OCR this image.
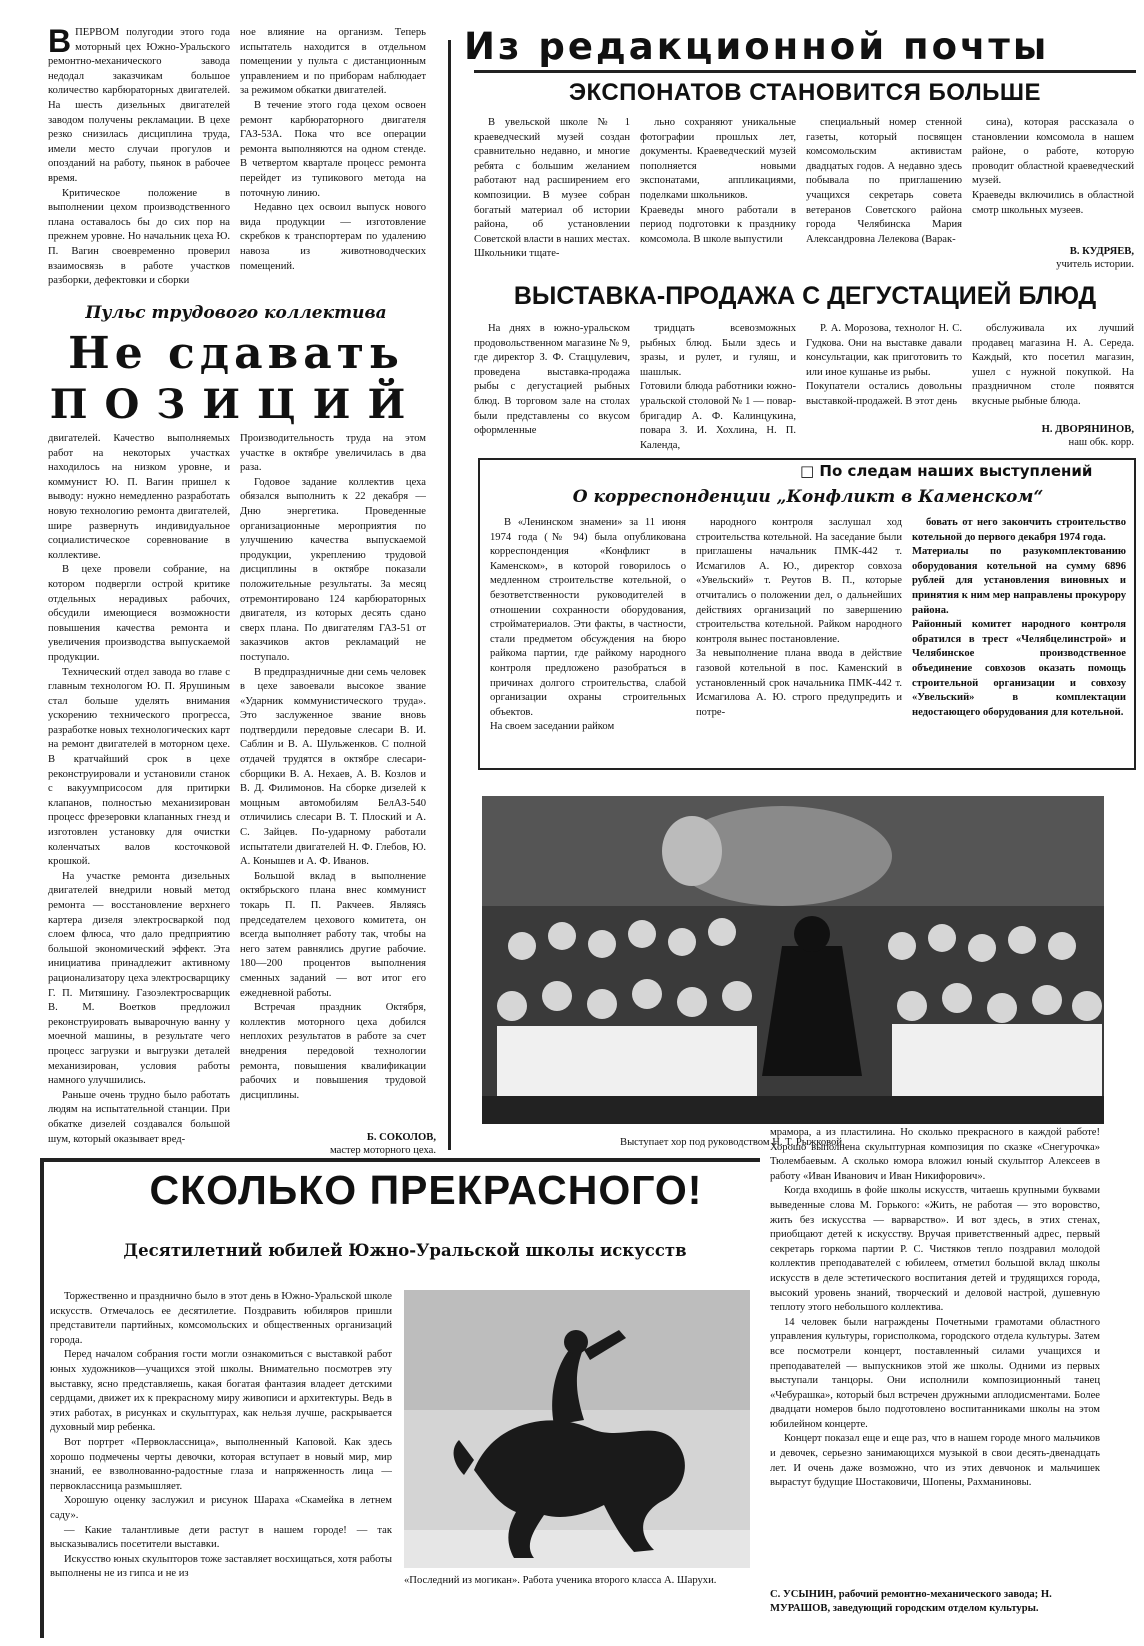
В ПЕРВОМ полугодии этого года моторный цех Южно-Уральского ремонтно-механического завода недодал заказчикам большое количество карбюраторных двигателей. На шесть дизельных двигателей заводом получены рекламации. В цехе резко снизилась дисциплина труда, имели место случаи прогулов и опозданий на работу, пьянок в рабочее время.

Критическое положение в выполнении цехом производственного плана оставалось бы до сих пор на прежнем уровне. Но начальник цеха Ю. П. Вагин своевременно проверил взаимосвязь в работе участков разборки, дефектовки и сборки

ное влияние на организм. Теперь испытатель находится в отдельном помещении у пульта с дистанционным управлением и по приборам наблюдает за режимом обкатки двигателей.

В течение этого года цехом освоен ремонт карбюраторного двигателя ГАЗ-53А. Пока что все операции ремонта выполняются на одном стенде. В четвертом квартале процесс ремонта перейдет из тупикового метода на поточную линию.

Недавно цех освоил выпуск нового вида продукции — изготовление скребков к транспортерам по удалению навоза из животноводческих помещений.

Пульс трудового коллектива
Не сдавать
ПОЗИЦИЙ

двигателей. Качество выполняемых работ на некоторых участках находилось на низком уровне, и коммунист Ю. П. Вагин пришел к выводу: нужно немедленно разработать новую технологию ремонта двигателей, шире развернуть индивидуальное социалистическое соревнование в коллективе.

В цехе провели собрание, на котором подвергли острой критике отдельных нерадивых рабочих, обсудили имеющиеся возможности повышения качества ремонта и увеличения производства выпускаемой продукции.

Технический отдел завода во главе с главным технологом Ю. П. Ярушиным стал больше уделять внимания ускорению технического прогресса, разработке новых технологических карт на ремонт двигателей в моторном цехе. В кратчайший срок в цехе реконструировали и установили станок с вакуумприсосом для притирки клапанов, полностью механизирован процесс фрезеровки клапанных гнезд и изготовлен установку для очистки коленчатых валов косточковой крошкой.

На участке ремонта дизельных двигателей внедрили новый метод ремонта — восстановление верхнего картера дизеля электросваркой под слоем флюса, что дало предприятию большой экономический эффект. Эта инициатива принадлежит активному рационализатору цеха электросварщику Г. П. Митяшину. Газоэлектросварщик В. М. Воетков предложил реконструировать выварочную ванну у моечной машины, в результате чего процесс загрузки и выгрузки деталей механизирован, условия работы намного улучшились.

Раньше очень трудно было работать людям на испытательной станции. При обкатке дизелей создавался большой шум, который оказывает вред-

Производительность труда на этом участке в октябре увеличилась в два раза.

Годовое задание коллектив цеха обязался выполнить к 22 декабря — Дню энергетика. Проведенные организационные мероприятия по улучшению качества выпускаемой продукции, укреплению трудовой дисциплины в октябре показали положительные результаты. За месяц отремонтировано 124 карбюраторных двигателя, из которых десять сдано сверх плана. По двигателям ГАЗ-51 от заказчиков актов рекламаций не поступало.

В предпраздничные дни семь человек в цехе завоевали высокое звание «Ударник коммунистического труда». Это заслуженное звание вновь подтвердили передовые слесари В. И. Саблин и В. А. Шульженков. С полной отдачей трудятся в октябре слесари-сборщики В. А. Нехаев, А. В. Козлов и В. Д. Филимонов. На сборке дизелей к мощным автомобилям БелАЗ-540 отличились слесари В. Т. Плоский и А. С. Зайцев. По-ударному работали испытатели двигателей Н. Ф. Глебов, Ю. А. Конышев и А. Ф. Иванов.

Большой вклад в выполнение октябрьского плана внес коммунист токарь П. П. Ракчеев. Являясь председателем цехового комитета, он всегда выполняет работу так, чтобы на него затем равнялись другие рабочие. 180—200 процентов выполнения сменных заданий — вот итог его ежедневной работы.

Встречая праздник Октября, коллектив моторного цеха добился неплохих результатов в работе за счет внедрения передовой технологии ремонта, повышения квалификации рабочих и повышения трудовой дисциплины.

Б. СОКОЛОВ,
мастер моторного цеха.
Из редакционной почты
ЭКСПОНАТОВ СТАНОВИТСЯ БОЛЬШЕ
В увельской школе № 1 краеведческий музей создан сравнительно недавно, и многие ребята с большим желанием работают над расширением его композиции. В музее собран богатый материал об истории района, об установлении Советской власти в наших местах. Школьники тщате-
льно сохраняют уникальные фотографии прошлых лет, документы. Краеведческий музей пополняется новыми экспонатами, аппликациями, поделками школьников.
Краеведы много работали в период подготовки к празднику комсомола. В школе выпустили
специальный номер стенной газеты, который посвящен комсомольским активистам двадцатых годов. А недавно здесь побывала по приглашению учащихся секретарь совета ветеранов Советского района города Челябинска Мария Александровна Лелекова (Варак-
сина), которая рассказала о становлении комсомола в нашем районе, о работе, которую проводит областной краеведческий музей.
Краеведы включились в областной смотр школьных музеев.
В. КУДРЯЕВ,
учитель истории.
ВЫСТАВКА-ПРОДАЖА С ДЕГУСТАЦИЕЙ БЛЮД
На днях в южно-уральском продовольственном магазине № 9, где директор З. Ф. Стаццулевич, проведена выставка-продажа рыбы с дегустацией рыбных блюд. В торговом зале на столах были представлены со вкусом оформленные
тридцать всевозможных рыбных блюд. Были здесь и зразы, и рулет, и гуляш, и шашлык.
Готовили блюда работники южно-уральской столовой № 1 — повар-бригадир А. Ф. Калинцукина, повара З. И. Хохлина, Н. П. Календа,
Р. А. Морозова, технолог Н. С. Гудкова. Они на выставке давали консультации, как приготовить то или иное кушанье из рыбы.
Покупатели остались довольны выставкой-продажей. В этот день
обслуживала их лучший продавец магазина Н. А. Середа. Каждый, кто посетил магазин, ушел с нужной покупкой. На праздничном столе появятся вкусные рыбные блюда.
Н. ДВОРЯНИНОВ,
наш обк. корр.
□ По следам наших выступлений
О корреспонденции „Конфликт в Каменском“
В «Ленинском знамени» за 11 июня 1974 года (№ 94) была опубликована корреспонденция «Конфликт в Каменском», в которой говорилось о медленном строительстве котельной, о безответственности руководителей в отношении сохранности оборудования, стройматериалов. Эти факты, в частности, стали предметом обсуждения на бюро райкома партии, где райкому народного контроля предложено разобраться в причинах долгого строительства, слабой организации охраны строительных объектов.
На своем заседании райком
народного контроля заслушал ход строительства котельной. На заседание были приглашены начальник ПМК-442 т. Исмагилов А. Ю., директор совхоза «Увельский» т. Реутов В. П., которые отчитались о положении дел, о дальнейших действиях организаций по завершению строительства котельной. Райком народного контроля вынес постановление.
За невыполнение плана ввода в действие газовой котельной в пос. Каменский в установленный срок начальника ПМК-442 т. Исмагилова А. Ю. строго предупредить и потре-
бовать от него закончить строительство котельной до первого декабря 1974 года.
Материалы по разукомплектованию оборудования котельной на сумму 6896 рублей для установления виновных и принятия к ним мер направлены прокурору района.
Районный комитет народного контроля обратился в трест «Челябцелинстрой» и Челябинское производственное объединение совхозов оказать помощь строительной организации и совхозу «Увельский» в комплектации недостающего оборудования для котельной.
Выступает хор под руководством Н. Т. Рыжковой.
СКОЛЬКО ПРЕКРАСНОГО!
Десятилетний юбилей Южно-Уральской школы искусств

Торжественно и празднично было в этот день в Южно-Уральской школе искусств. Отмечалось ее десятилетие. Поздравить юбиляров пришли представители партийных, комсомольских и общественных организаций города.

Перед началом собрания гости могли ознакомиться с выставкой работ юных художников—учащихся этой школы. Внимательно посмотрев эту выставку, ясно представляешь, какая богатая фантазия владеет детскими сердцами, движет их к прекрасному миру живописи и архитектуры. Ведь в этих работах, в рисунках и скульптурах, как нельзя лучше, раскрывается духовный мир ребенка.

Вот портрет «Первоклассница», выполненный Каповой. Как здесь хорошо подмечены черты девочки, которая вступает в новый мир, мир знаний, ее взволнованно-радостные глаза и напряженность лица — первоклассница размышляет.

Хорошую оценку заслужил и рисунок Шараха «Скамейка в летнем саду».

— Какие талантливые дети растут в нашем городе! — так высказывались посетители выставки.

Искусство юных скульпторов тоже заставляет восхищаться, хотя работы выполнены не из гипса и не из

«Последний из могикан». Работа ученика второго класса А. Шарухи.

мрамора, а из пластилина. Но сколько прекрасного в каждой работе! Хорошо выполнена скульптурная композиция по сказке «Снегурочка» Тюлембаевым. А сколько юмора вложил юный скульптор Алексеев в работу «Иван Иванович и Иван Никифорович».

Когда входишь в фойе школы искусств, читаешь крупными буквами выведенные слова М. Горького: «Жить, не работая — это воровство, жить без искусства — варварство». И вот здесь, в этих стенах, приобщают детей к искусству. Вручая приветственный адрес, первый секретарь горкома партии Р. С. Чистяков тепло поздравил молодой коллектив преподавателей с юбилеем, отметил большой вклад школы искусств в деле эстетического воспитания детей и трудящихся города, высокий уровень знаний, творческий и деловой настрой, душевную теплоту этого небольшого коллектива.

14 человек были награждены Почетными грамотами областного управления культуры, горисполкома, городского отдела культуры. Затем все посмотрели концерт, поставленный силами учащихся и преподавателей — выпускников этой же школы. Одними из первых выступали танцоры. Они исполнили композиционный танец «Чебурашка», который был встречен дружными аплодисментами. Более двадцати номеров было подготовлено воспитанниками школы на этом юбилейном концерте.

Концерт показал еще и еще раз, что в нашем городе много мальчиков и девочек, серьезно занимающихся музыкой в свои десять-двенадцать лет. И очень даже возможно, что из этих девчонок и мальчишек вырастут будущие Шостаковичи, Шопены, Рахманиновы.

С. УСЫНИН, рабочий ремонтно-механического завода; Н. МУРАШОВ, заведующий городским отделом культуры.
